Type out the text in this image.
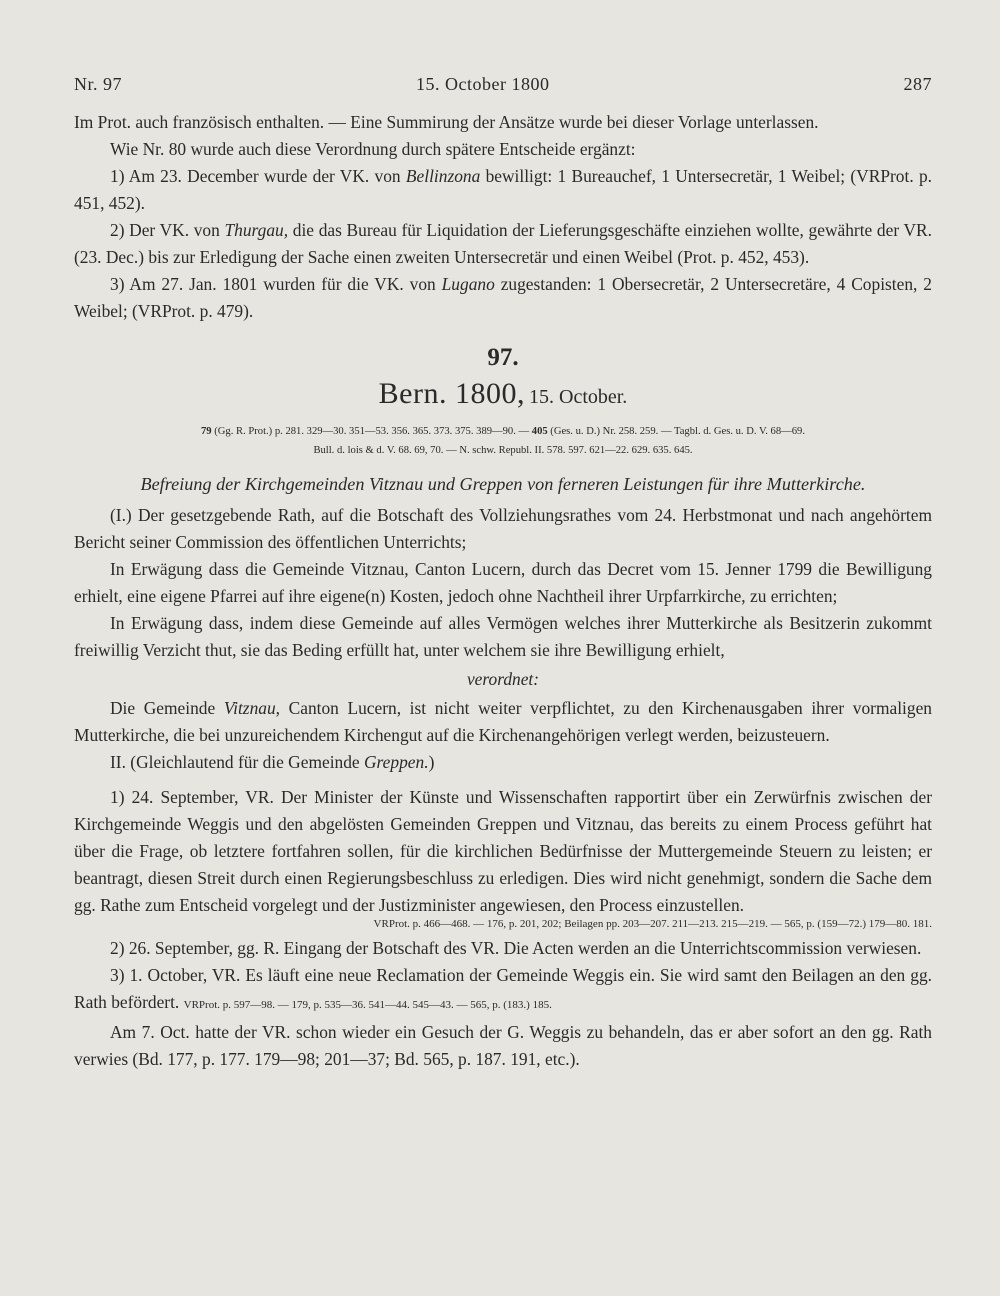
Nr. 97	15. October 1800	287

Im Prot. auch französisch enthalten. — Eine Summirung der Ansätze wurde bei dieser Vorlage unterlassen.

Wie Nr. 80 wurde auch diese Verordnung durch spätere Entscheide ergänzt:

1) Am 23. December wurde der VK. von Bellinzona bewilligt: 1 Bureauchef, 1 Untersecretär, 1 Weibel; (VRProt. p. 451, 452).

2) Der VK. von Thurgau, die das Bureau für Liquidation der Lieferungsgeschäfte einziehen wollte, gewährte der VR. (23. Dec.) bis zur Erledigung der Sache einen zweiten Untersecretär und einen Weibel (Prot. p. 452, 453).

3) Am 27. Jan. 1801 wurden für die VK. von Lugano zugestanden: 1 Obersecretär, 2 Untersecretäre, 4 Copisten, 2 Weibel; (VRProt. p. 479).

97.
Bern. 1800, 15. October.
79 (Gg. R. Prot.) p. 281. 329—30. 351—53. 356. 365. 373. 375. 389—90. — 405 (Ges. u. D.) Nr. 258. 259. — Tagbl. d. Ges. u. D. V. 68—69.
Bull. d. lois & d. V. 68. 69, 70. — N. schw. Republ. II. 578. 597. 621—22. 629. 635. 645.
Befreiung der Kirchgemeinden Vitznau und Greppen von ferneren Leistungen für ihre Mutterkirche.

(I.) Der gesetzgebende Rath, auf die Botschaft des Vollziehungsrathes vom 24. Herbstmonat und nach angehörtem Bericht seiner Commission des öffentlichen Unterrichts;

In Erwägung dass die Gemeinde Vitznau, Canton Lucern, durch das Decret vom 15. Jenner 1799 die Bewilligung erhielt, eine eigene Pfarrei auf ihre eigene(n) Kosten, jedoch ohne Nachtheil ihrer Urpfarrkirche, zu errichten;

In Erwägung dass, indem diese Gemeinde auf alles Vermögen welches ihrer Mutterkirche als Besitzerin zukommt freiwillig Verzicht thut, sie das Beding erfüllt hat, unter welchem sie ihre Bewilligung erhielt,

verordnet:

Die Gemeinde Vitznau, Canton Lucern, ist nicht weiter verpflichtet, zu den Kirchenausgaben ihrer vormaligen Mutterkirche, die bei unzureichendem Kirchengut auf die Kirchenangehörigen verlegt werden, beizusteuern.

II. (Gleichlautend für die Gemeinde Greppen.)

1) 24. September, VR. Der Minister der Künste und Wissenschaften rapportirt über ein Zerwürfnis zwischen der Kirchgemeinde Weggis und den abgelösten Gemeinden Greppen und Vitznau, das bereits zu einem Process geführt hat über die Frage, ob letztere fortfahren sollen, für die kirchlichen Bedürfnisse der Muttergemeinde Steuern zu leisten; er beantragt, diesen Streit durch einen Regierungsbeschluss zu erledigen. Dies wird nicht genehmigt, sondern die Sache dem gg. Rathe zum Entscheid vorgelegt und der Justizminister angewiesen, den Process einzustellen.

VRProt. p. 466—468. — 176, p. 201, 202; Beilagen pp. 203—207. 211—213. 215—219. — 565, p. (159—72.) 179—80. 181.

2) 26. September, gg. R. Eingang der Botschaft des VR. Die Acten werden an die Unterrichtscommission verwiesen.

3) 1. October, VR. Es läuft eine neue Reclamation der Gemeinde Weggis ein. Sie wird samt den Beilagen an den gg. Rath befördert. VRProt. p. 597—98. — 179, p. 535—36. 541—44. 545—43. — 565, p. (183.) 185.

Am 7. Oct. hatte der VR. schon wieder ein Gesuch der G. Weggis zu behandeln, das er aber sofort an den gg. Rath verwies (Bd. 177, p. 177. 179—98; 201—37; Bd. 565, p. 187. 191, etc.).
